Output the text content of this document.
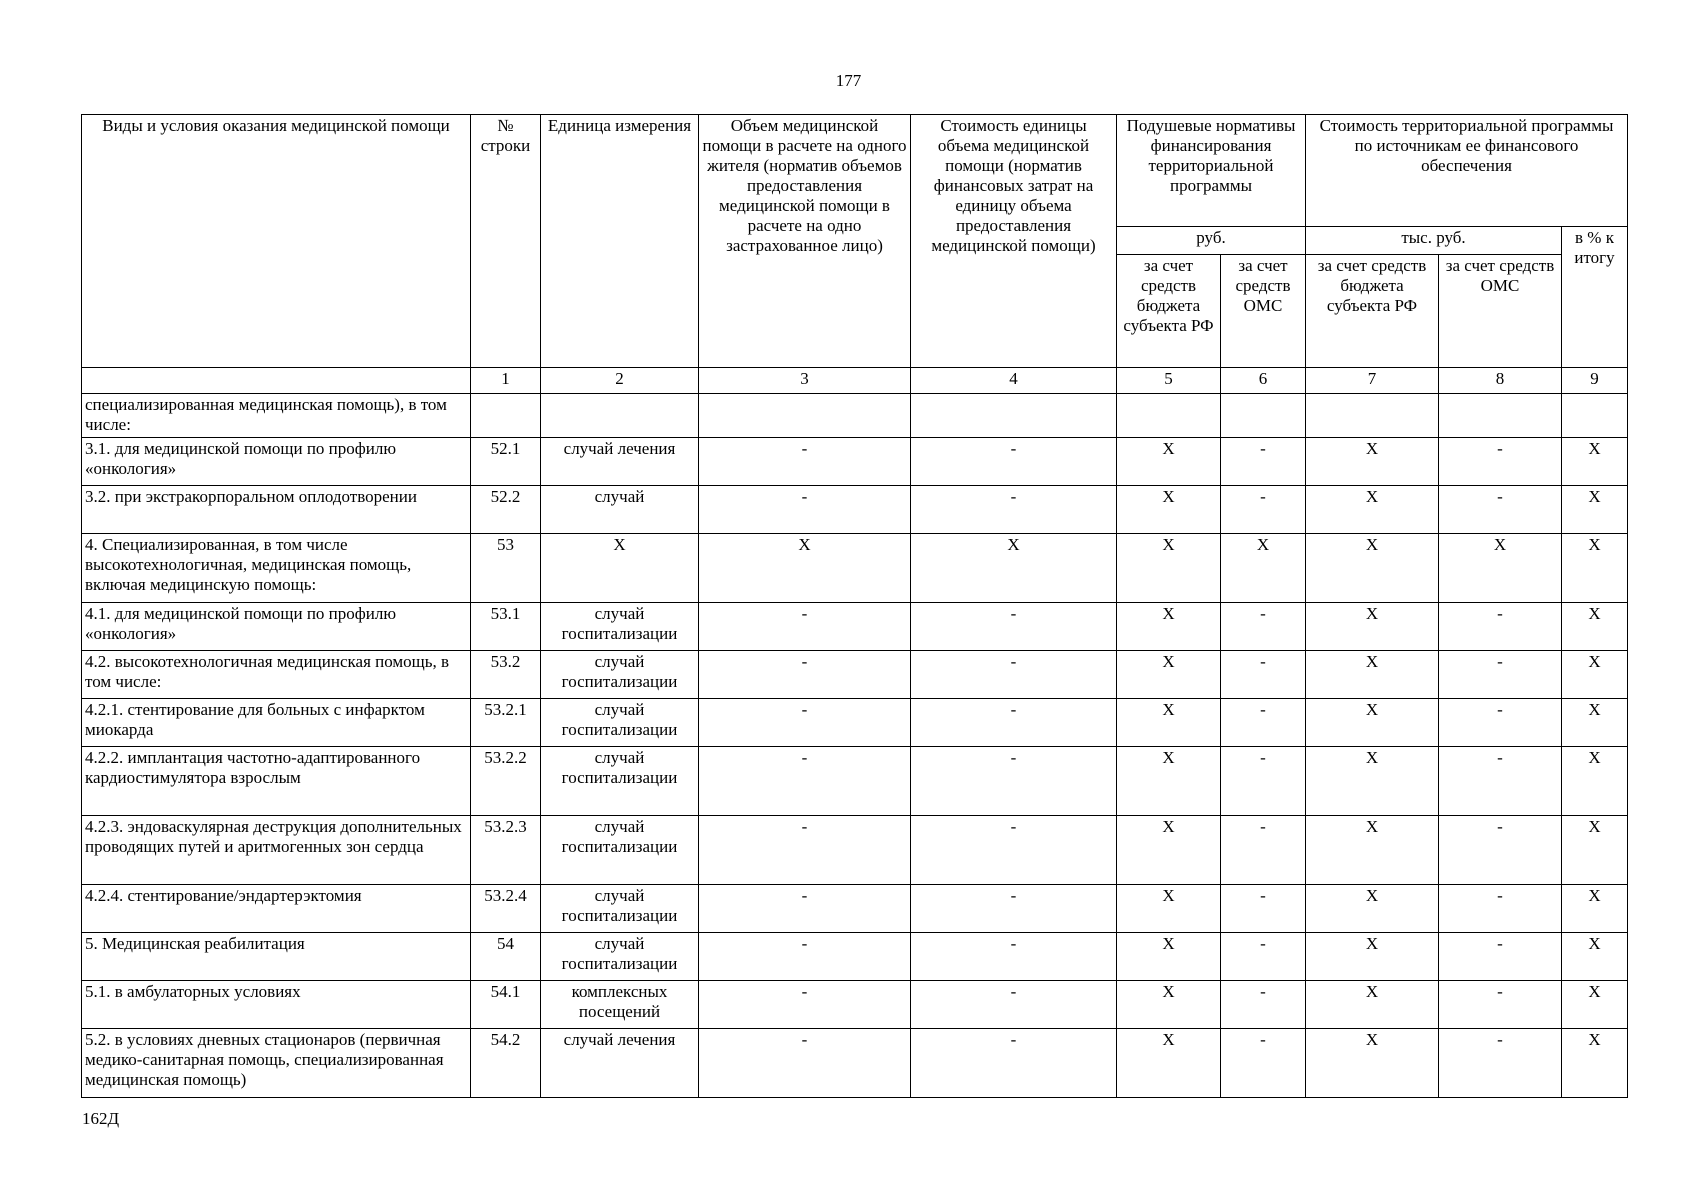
177
Виды и условия оказания медицинской помощи	№ строки	Единица измерения	Объем медицинской помощи в расчете на одного жителя (норматив объемов предоставления медицинской помощи в расчете на одно застрахованное лицо)	Стоимость единицы объема медицинской помощи (норматив финансовых затрат на единицу объема предоставления медицинской помощи)	Подушевые нормативы финансирования территориальной программы		Стоимость территориальной программы по источникам ее финансового обеспечения		
					руб.		тыс. руб.		в % к итогу
					за счет средств бюджета субъекта РФ	за счет средств ОМС	за счет средств бюджета субъекта РФ	за счет средств ОМС	
	1	2	3	4	5	6	7	8	9
специализированная медицинская помощь), в том числе:									
3.1. для медицинской помощи по профилю «онкология»	52.1	случай лечения	-	-	X	-	X	-	X
3.2. при экстракорпоральном оплодотворении	52.2	случай	-	-	X	-	X	-	X
4. Специализированная, в том числе высокотехнологичная, медицинская помощь, включая медицинскую помощь:	53	X	X	X	X	X	X	X	X
4.1. для медицинской помощи по профилю «онкология»	53.1	случай госпитализации	-	-	X	-	X	-	X
4.2. высокотехнологичная медицинская помощь, в том числе:	53.2	случай госпитализации	-	-	X	-	X	-	X
4.2.1. стентирование для больных с инфарктом миокарда	53.2.1	случай госпитализации	-	-	X	-	X	-	X
4.2.2. имплантация частотно-адаптированного кардиостимулятора взрослым	53.2.2	случай госпитализации	-	-	X	-	X	-	X
4.2.3. эндоваскулярная деструкция дополнительных проводящих путей и аритмогенных зон сердца	53.2.3	случай госпитализации	-	-	X	-	X	-	X
4.2.4. стентирование/эндартерэктомия	53.2.4	случай госпитализации	-	-	X	-	X	-	X
5. Медицинская реабилитация	54	случай госпитализации	-	-	X	-	X	-	X
5.1. в амбулаторных условиях	54.1	комплексных посещений	-	-	X	-	X	-	X
5.2. в условиях дневных стационаров (первичная медико-санитарная помощь, специализированная медицинская помощь)	54.2	случай лечения	-	-	X	-	X	-	X
162Д
